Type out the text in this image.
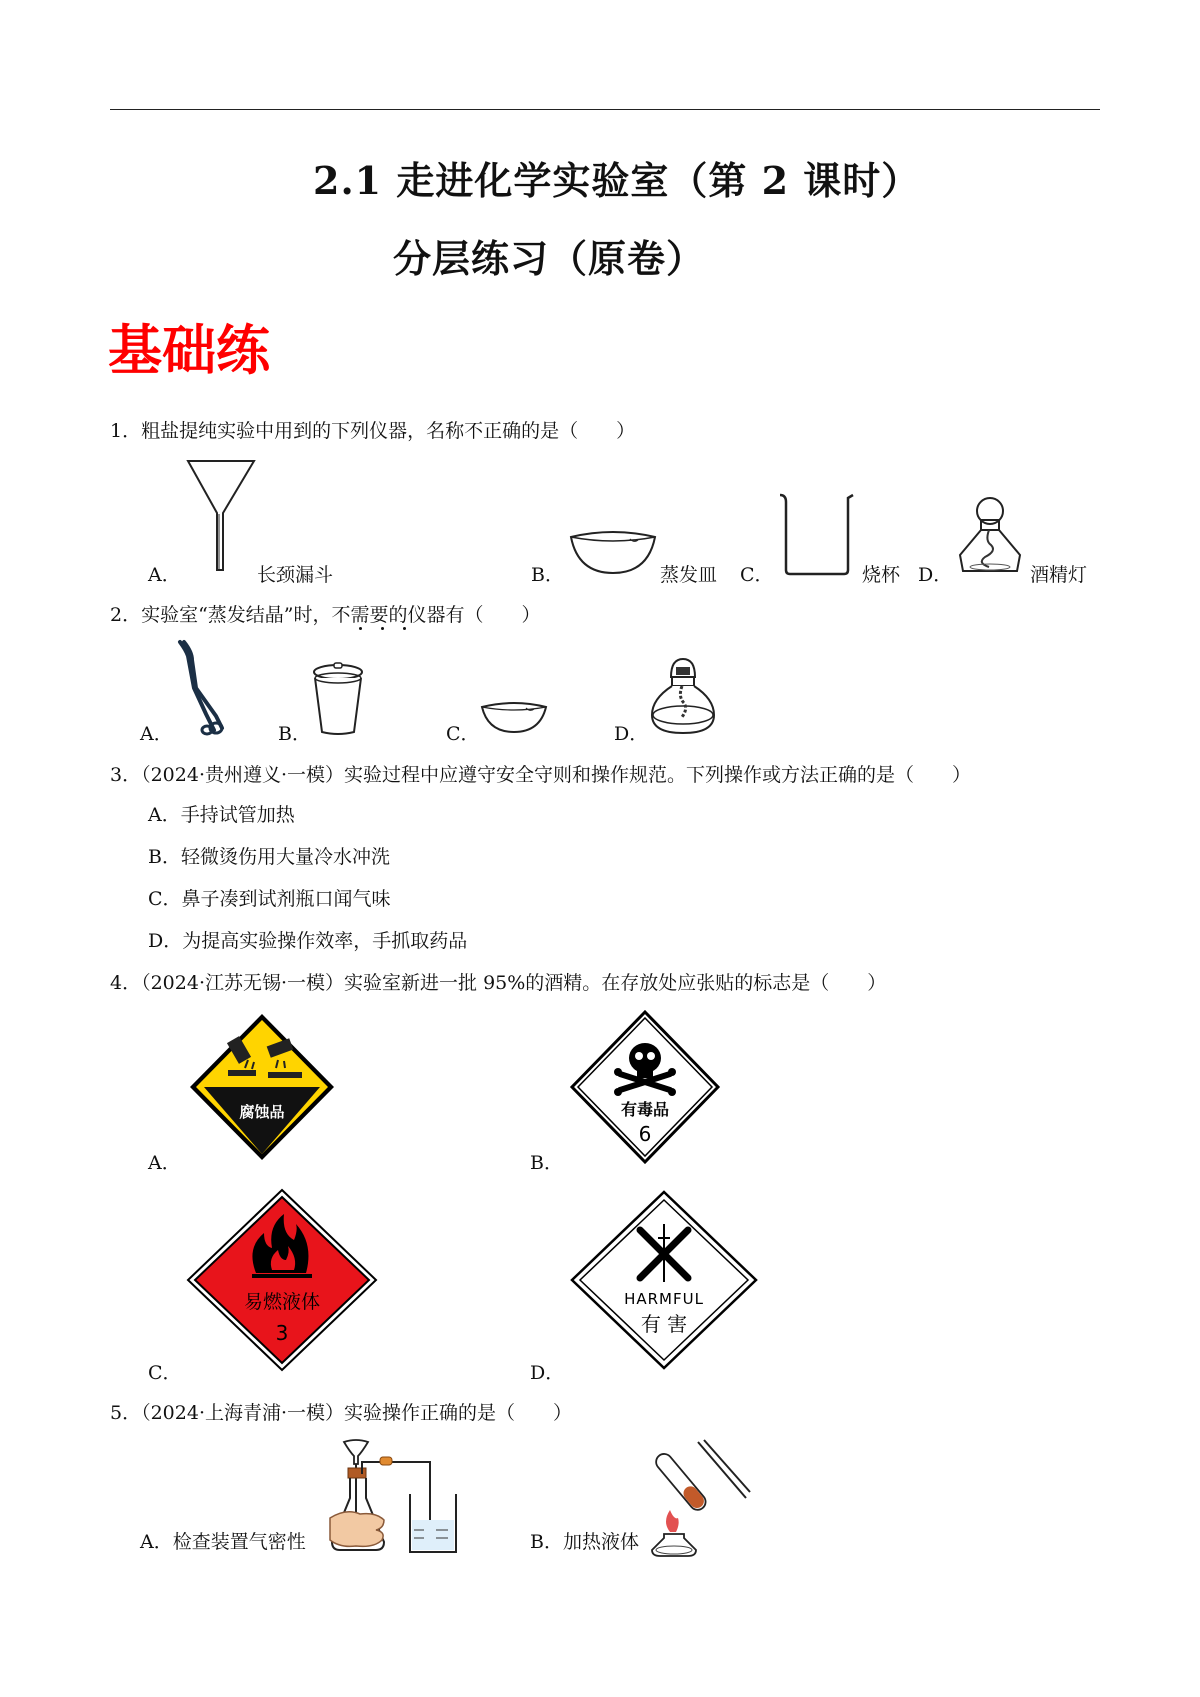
2.1 走进化学实验室（第 2 课时）
分层练习（原卷）
基础练
1．粗盐提纯实验中用到的下列仪器，名称不正确的是（　　）
A．	长颈漏斗	B．	蒸发皿 C．	烧杯 D．	酒精灯
2．实验室“蒸发结晶”时，不需要的仪器有（　　）
A．	B．	C．	D．
3．（2024·贵州遵义·一模）实验过程中应遵守安全守则和操作规范。下列操作或方法正确的是（　　）
A．手持试管加热
B．轻微烫伤用大量冷水冲洗
C．鼻子凑到试剂瓶口闻气味
D．为提高实验操作效率，手抓取药品
4．（2024·江苏无锡·一模）实验室新进一批 95%的酒精。在存放处应张贴的标志是（　　）
A．
腐蚀品
B．
有毒品
6
C．
易燃液体
3
D．
HARMFUL
有 害
5．（2024·上海青浦·一模）实验操作正确的是（　　）
A．检查装置气密性	B．加热液体
